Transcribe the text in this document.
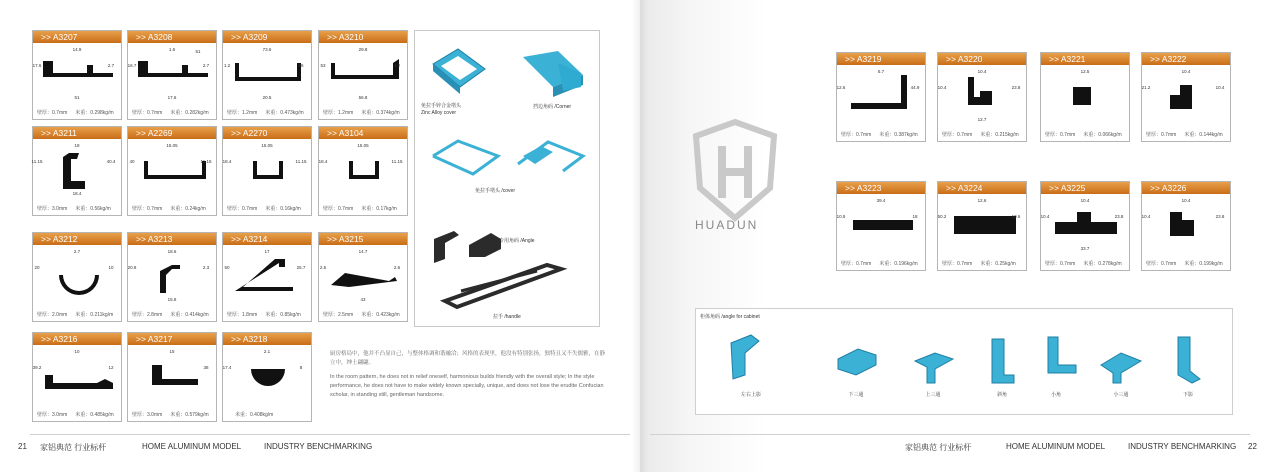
>> A3207
14.9
2.7
17.6
51
壁厚：0.7mm 米重：0.298kg/m
>> A3208
1.6
2.7
16.7
17.6
51
壁厚：0.7mm 米重：0.282kg/m
>> A3209
73.6
66
1.2
20.5
壁厚：1.2mm 米重：0.473kg/m
>> A3210
29.8
4.2
53
56.8
壁厚：1.2mm 米重：0.374kg/m
>> A3211
18
40.4
11.15
18.4
壁厚：3.0mm 米重：0.56kg/m
>> A2269
15.05
11.15
40
壁厚：0.7mm 米重：0.24kg/m
>> A2270
15.05
11.15
18.4
壁厚：0.7mm 米重：0.16kg/m
>> A3104
15.05
11.15
18.4
壁厚：0.7mm 米重：0.17kg/m
>> A3212
2.7
10
20
壁厚：2.0mm 米重：0.211kg/m
>> A3213
18.6
2.3
20.8
15.8
壁厚：2.8mm 米重：0.414kg/m
>> A3214
17
26.7
50
壁厚：1.8mm 米重：0.85kg/m
>> A3215
14.7
2.6
2.5
43
壁厚：2.5mm 米重：0.423kg/m
>> A3216
10
12
39.2
壁厚：3.0mm 米重：0.485kg/m
>> A3217
15
38
壁厚：3.0mm 米重：0.579kg/m
>> A3218
2.1
8
17.4
米重：0.408kg/m
>> A3219
5.7
44.9
12.6
壁厚：0.7mm 米重：0.387kg/m
>> A3220
10.4
23.8
10.4
12.7
壁厚：0.7mm 米重：0.215kg/m
>> A3221
12.5
壁厚：0.7mm 米重：0.066kg/m
>> A3222
10.4
10.4
21.2
壁厚：0.7mm 米重：0.144kg/m
>> A3223
39.4
18
10.5
壁厚：0.7mm 米重：0.196kg/m
>> A3224
12.6
10.6
50.2
壁厚：0.7mm 米重：0.25kg/m
>> A3225
10.4
23.8
10.4
33.7
壁厚：0.7mm 米重：0.278kg/m
>> A3226
10.4
23.8
10.4
壁厚：0.7mm 米重：0.199kg/m
免拉手锌合金堵头
Zinc Alloy cover
挡边角码 /Corner
免拉手堵头 /cover
专用角码 /Angle
拉手 /handle

厨房格局中，他并不凸显自己，与整体格调和谐融洽；风格的表现里，他没有特别张扬，独特且又不失儒雅，在静立中，绅士翩翩。

In the room pattern, he does not in relief oneself, harmonious builds friendly with the overall style; In the style performance, he does not have to make widely known specially, unique, and does not lose the erudite Confucian scholar, in standing still, gentleman handsome.

HUADUN
柜体角码 /angle for cabinet
左右上影	下三通	上三通	斜角	小角	小三通	下影
21 家铝典范 行业标杆	HOME ALUMINUM MODEL	INDUSTRY BENCHMARKING	家铝典范 行业标杆	HOME ALUMINUM MODEL	INDUSTRY BENCHMARKING 22
